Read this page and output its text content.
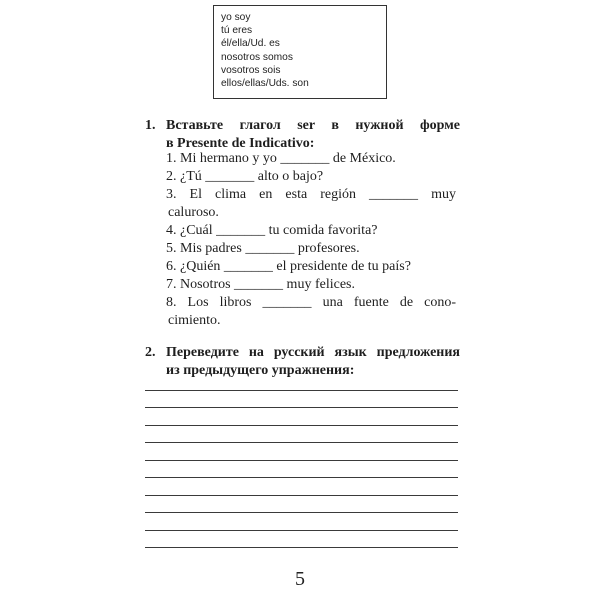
yo soy
tú eres
él/ella/Ud. es
nosotros somos
vosotros sois
ellos/ellas/Uds. son
1. Вставьте глагол ser в нужной форме
в Presente de Indicativo:
1. Mi hermano y yo _______ de México.
2. ¿Tú _______ alto o bajo?
3. El clima en esta región _______ muy
caluroso.
4. ¿Cuál _______ tu comida favorita?
5. Mis padres _______ profesores.
6. ¿Quién _______ el presidente de tu país?
7. Nosotros _______ muy felices.
8. Los libros _______ una fuente de cono-
cimiento.
2. Переведите на русский язык предложения
из предыдущего упражнения:
5
